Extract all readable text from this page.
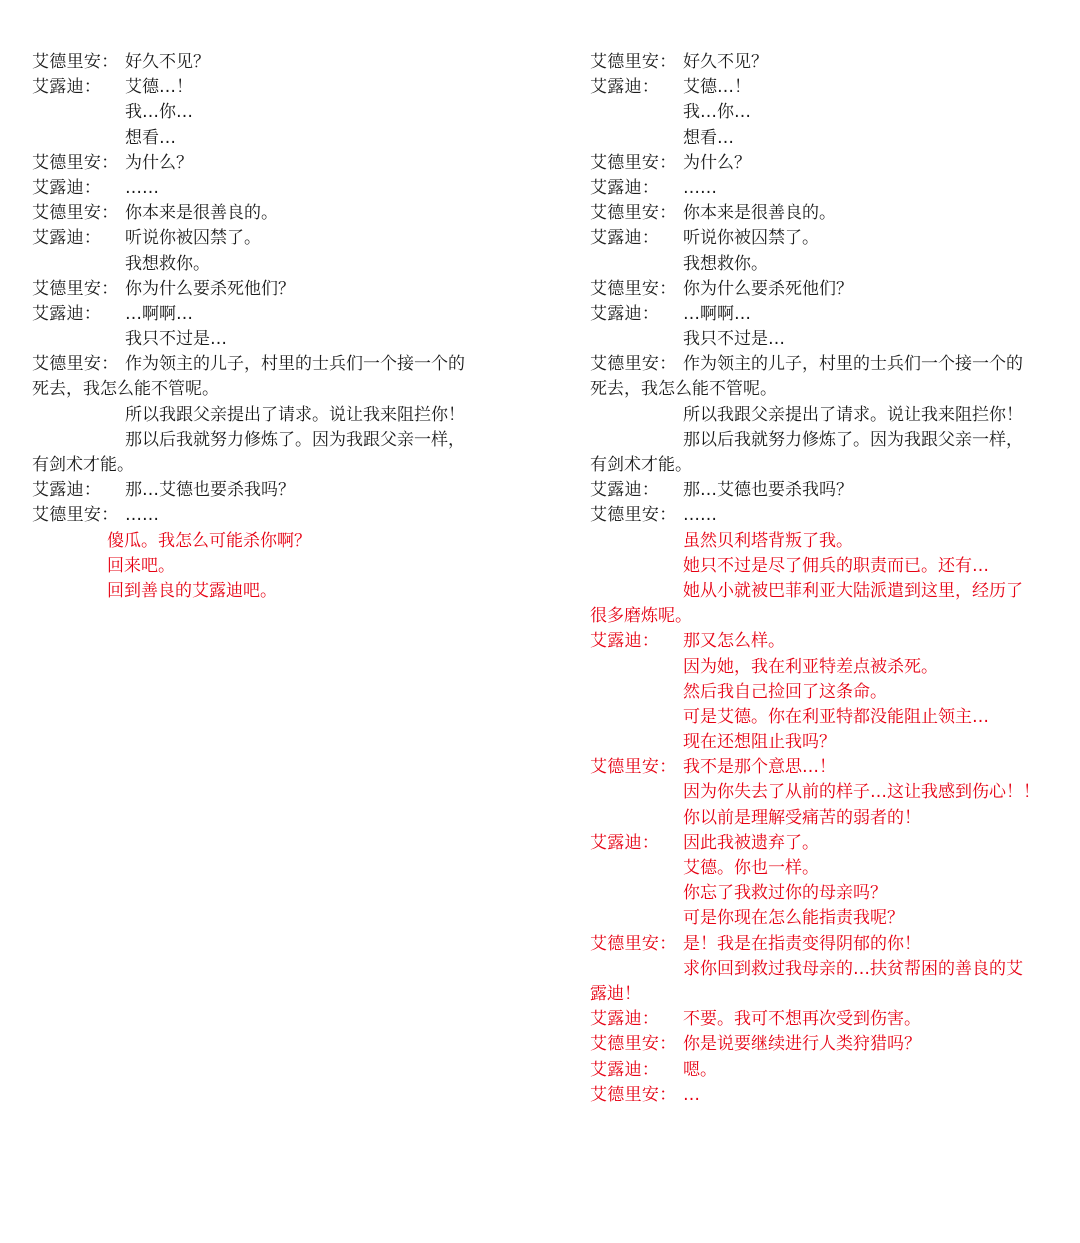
艾德里安： 好久不见？
艾露迪：	艾德…！
我…你…
想看…
艾德里安： 为什么？
艾露迪：	……
艾德里安： 你本来是很善良的。
艾露迪：	听说你被囚禁了。
我想救你。
艾德里安： 你为什么要杀死他们？
艾露迪：	…啊啊…
我只不过是…
艾德里安： 作为领主的儿子，村里的士兵们一个接一个的
死去，我怎么能不管呢。
所以我跟父亲提出了请求。说让我来阻拦你！
那以后我就努力修炼了。因为我跟父亲一样，
有剑术才能。
艾露迪：	那…艾德也要杀我吗？
艾德里安： ……
傻瓜。我怎么可能杀你啊？
回来吧。
回到善良的艾露迪吧。
艾德里安： 好久不见？
艾露迪：	艾德…！
我…你…
想看…
艾德里安： 为什么？
艾露迪：	……
艾德里安： 你本来是很善良的。
艾露迪：	听说你被囚禁了。
我想救你。
艾德里安： 你为什么要杀死他们？
艾露迪：	…啊啊…
我只不过是…
艾德里安： 作为领主的儿子，村里的士兵们一个接一个的
死去，我怎么能不管呢。
所以我跟父亲提出了请求。说让我来阻拦你！
那以后我就努力修炼了。因为我跟父亲一样，
有剑术才能。
艾露迪：	那…艾德也要杀我吗？
艾德里安： ……
虽然贝利塔背叛了我。
她只不过是尽了佣兵的职责而已。还有…
她从小就被巴菲利亚大陆派遣到这里，经历了
很多磨炼呢。
艾露迪：	那又怎么样。
因为她，我在利亚特差点被杀死。
然后我自己捡回了这条命。
可是艾德。你在利亚特都没能阻止领主…
现在还想阻止我吗？
艾德里安： 我不是那个意思…！
因为你失去了从前的样子…这让我感到伤心！！
你以前是理解受痛苦的弱者的！
艾露迪：	因此我被遗弃了。
艾德。你也一样。
你忘了我救过你的母亲吗？
可是你现在怎么能指责我呢？
艾德里安： 是！我是在指责变得阴郁的你！
求你回到救过我母亲的…扶贫帮困的善良的艾
露迪！
艾露迪：	不要。我可不想再次受到伤害。
艾德里安： 你是说要继续进行人类狩猎吗？
艾露迪：	嗯。
艾德里安： …
